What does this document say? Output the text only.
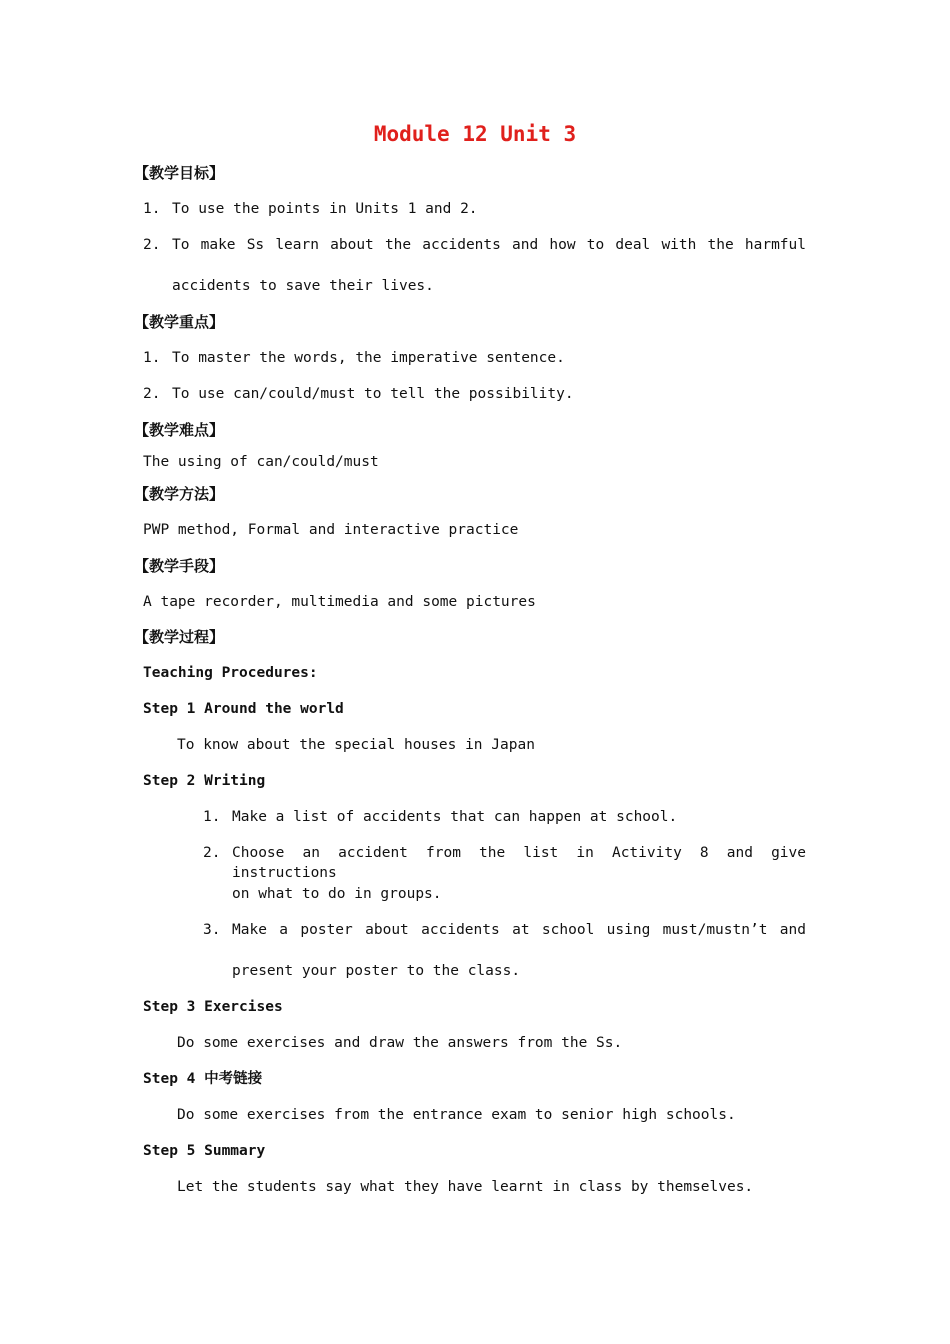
Module 12 Unit 3
【教学目标】
1. To use the points in Units 1 and 2.
2. To make Ss learn about the accidents and how to deal with the harmful
accidents to save their lives.
【教学重点】
1. To master the words, the imperative sentence.
2. To use can/could/must to tell the possibility.
【教学难点】
The using of can/could/must
【教学方法】
PWP method, Formal and interactive practice
【教学手段】
A tape recorder, multimedia and some pictures
【教学过程】
Teaching Procedures:
Step 1 Around the world
To know about the special houses in Japan
Step 2 Writing
1. Make a list of accidents that can happen at school.
2. Choose an accident from the list in Activity 8 and give instructions
on what to do in groups.
3. Make a poster about accidents at school using must/mustn’t and
present your poster to the class.
Step 3 Exercises
Do some exercises and draw the answers from the Ss.
Step 4 中考链接
Do some exercises from the entrance exam to senior high schools.
Step 5 Summary
Let the students say what they have learnt in class by themselves.
